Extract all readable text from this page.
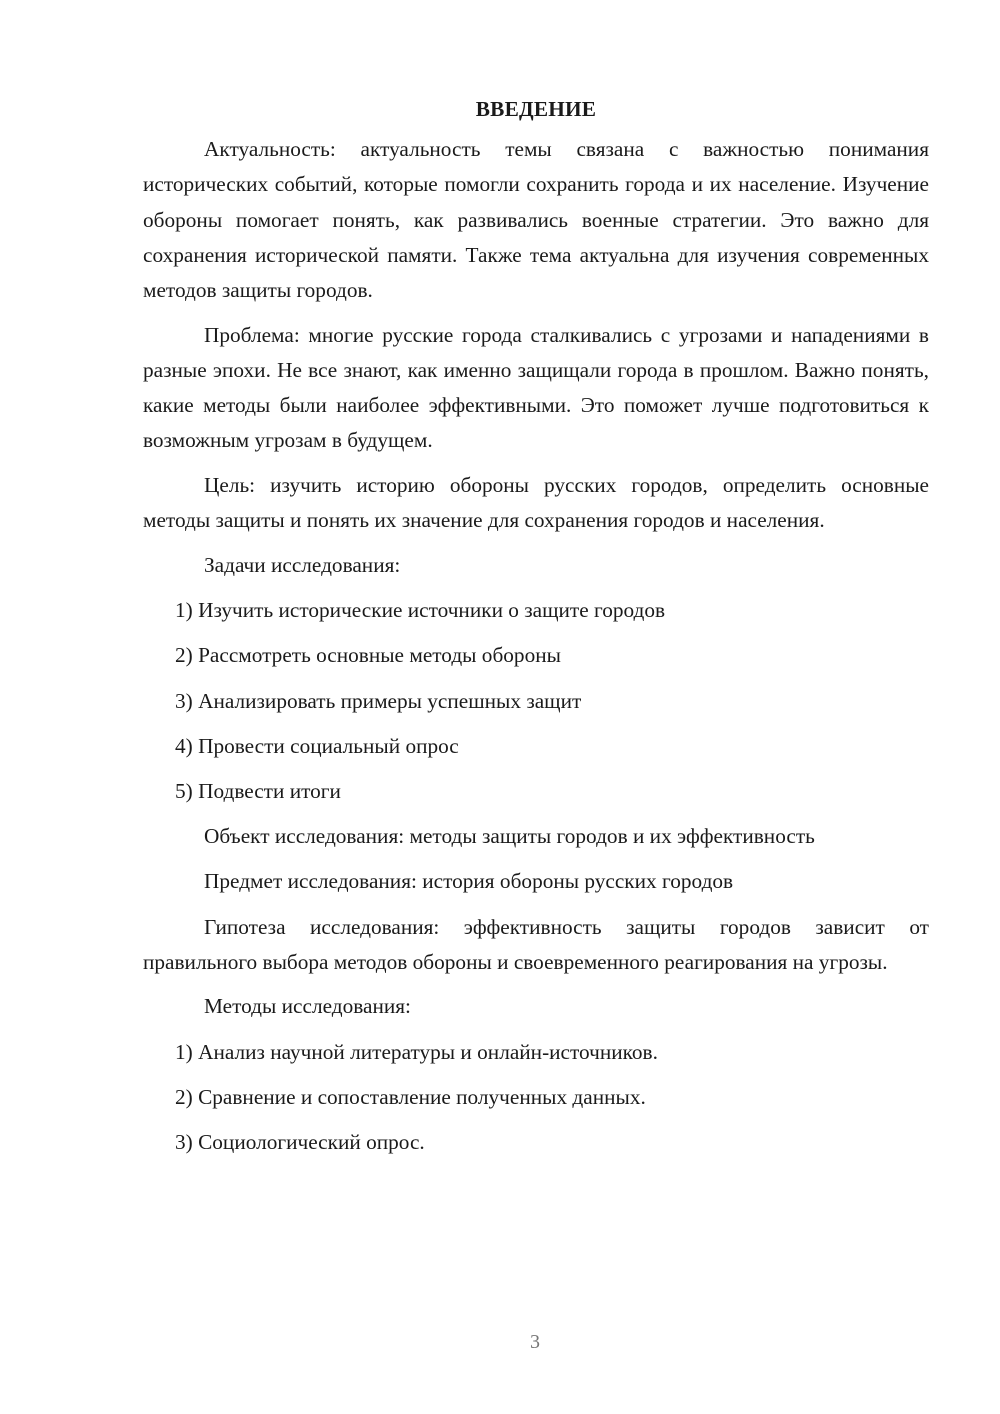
ВВЕДЕНИЕ

Актуальность: актуальность темы связана с важностью понимания исторических событий, которые помогли сохранить города и их население. Изучение обороны помогает понять, как развивались военные стратегии. Это важно для сохранения исторической памяти. Также тема актуальна для изучения современных методов защиты городов.

Проблема: многие русские города сталкивались с угрозами и нападениями в разные эпохи. Не все знают, как именно защищали города в прошлом. Важно понять, какие методы были наиболее эффективными. Это поможет лучше подготовиться к возможным угрозам в будущем.

Цель: изучить историю обороны русских городов, определить основные методы защиты и понять их значение для сохранения городов и населения.

Задачи исследования:
1) Изучить исторические источники о защите городов
2) Рассмотреть основные методы обороны
3) Анализировать примеры успешных защит
4) Провести социальный опрос
5) Подвести итоги
Объект исследования: методы защиты городов и их эффективность
Предмет исследования: история обороны русских городов

Гипотеза исследования: эффективность защиты городов зависит от правильного выбора методов обороны и своевременного реагирования на угрозы.

Методы исследования:
1) Анализ научной литературы и онлайн-источников.
2) Сравнение и сопоставление полученных данных.
3) Социологический опрос.
3
